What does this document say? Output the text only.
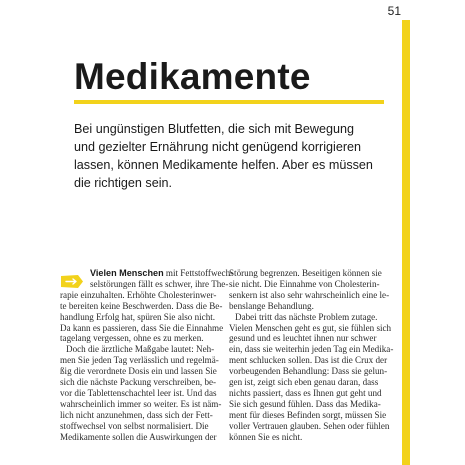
51
Medikamente
Bei ungünstigen Blutfetten, die sich mit Bewegung
und gezielter Ernährung nicht genügend korrigieren
lassen, können Medikamente helfen. Aber es müssen
die richtigen sein.
Vielen Menschen mit Fettstoffwech-
selstörungen fällt es schwer, ihre The-
rapie einzuhalten. Erhöhte Cholesterinwer-
te bereiten keine Beschwerden. Dass die Be-
handlung Erfolg hat, spüren Sie also nicht.
Da kann es passieren, dass Sie die Einnahme
tagelang vergessen, ohne es zu merken.
Doch die ärztliche Maßgabe lautet: Neh-
men Sie jeden Tag verlässlich und regelmä-
ßig die verordnete Dosis ein und lassen Sie
sich die nächste Packung verschreiben, be-
vor die Tablettenschachtel leer ist. Und das
wahrscheinlich immer so weiter. Es ist näm-
lich nicht anzunehmen, dass sich der Fett-
stoffwechsel von selbst normalisiert. Die
Medikamente sollen die Auswirkungen der
Störung begrenzen. Beseitigen können sie
sie nicht. Die Einnahme von Cholesterin-
senkern ist also sehr wahrscheinlich eine le-
benslange Behandlung.
Dabei tritt das nächste Problem zutage.
Vielen Menschen geht es gut, sie fühlen sich
gesund und es leuchtet ihnen nur schwer
ein, dass sie weiterhin jeden Tag ein Medika-
ment schlucken sollen. Das ist die Crux der
vorbeugenden Behandlung: Dass sie gelun-
gen ist, zeigt sich eben genau daran, dass
nichts passiert, dass es Ihnen gut geht und
Sie sich gesund fühlen. Dass das Medika-
ment für dieses Befinden sorgt, müssen Sie
voller Vertrauen glauben. Sehen oder fühlen
können Sie es nicht.
